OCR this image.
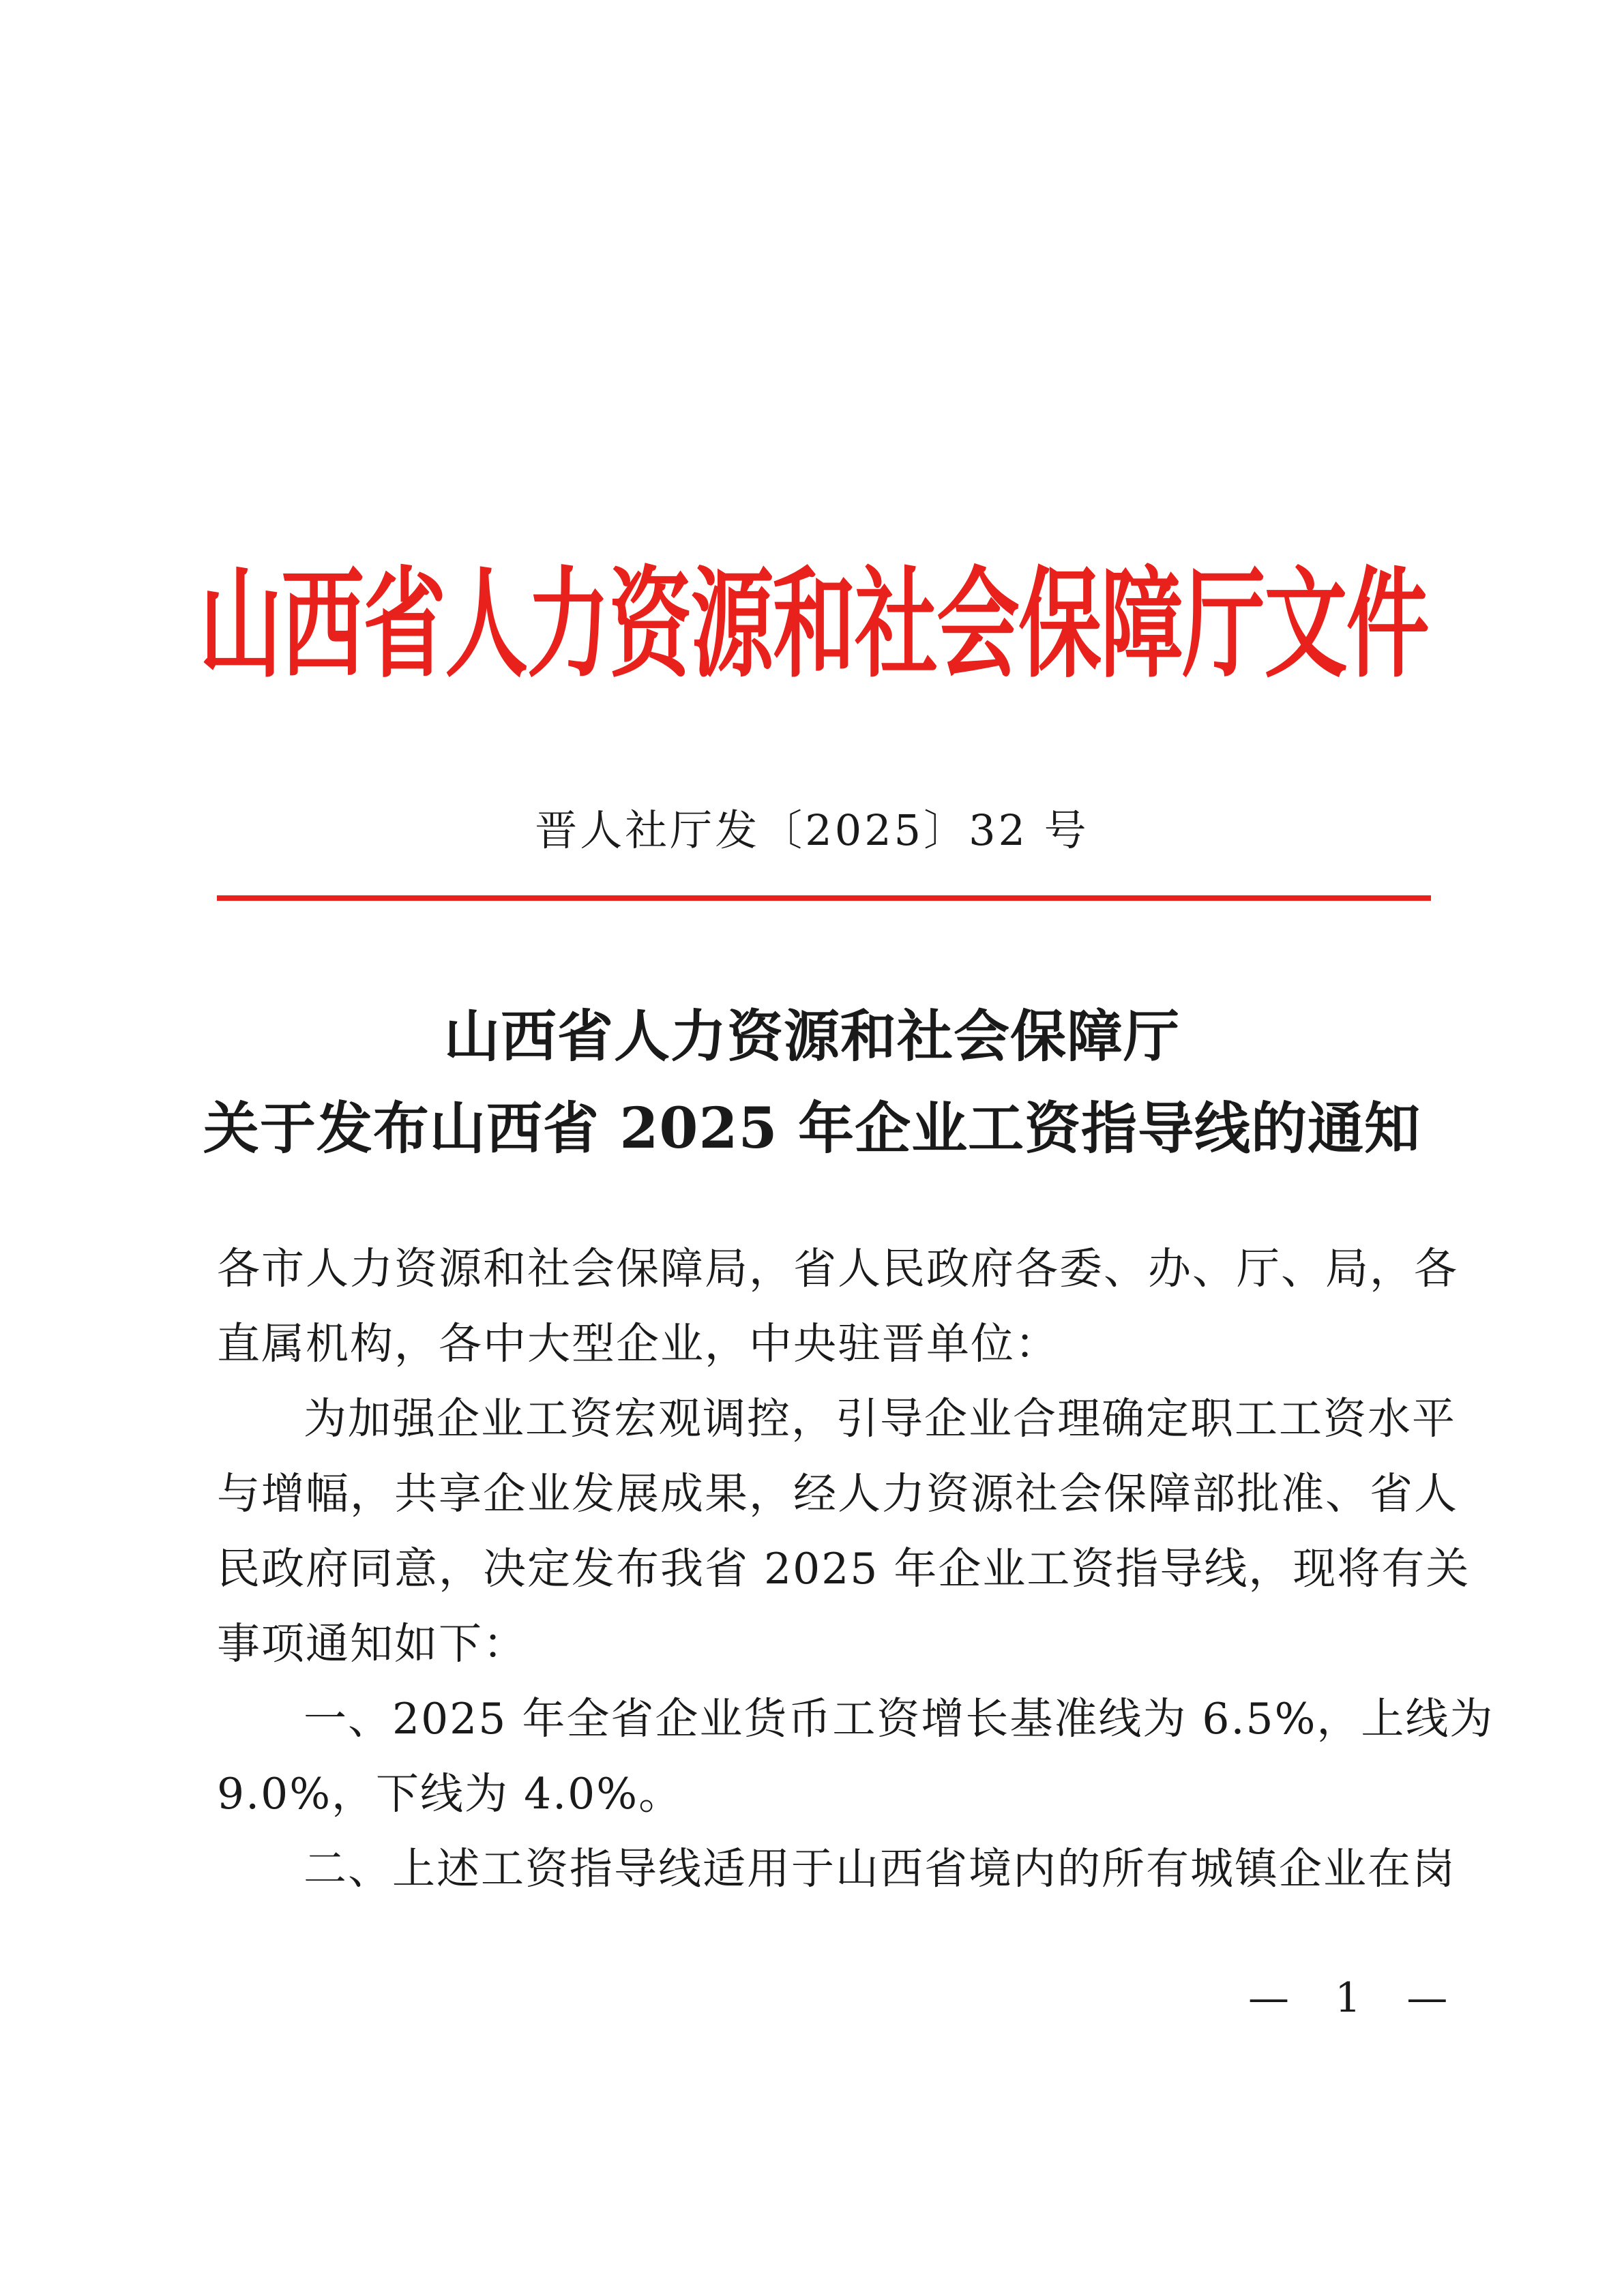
山西省人力资源和社会保障厅文件
晋人社厅发〔2025〕32 号
山西省人力资源和社会保障厅
关于发布山西省 2025 年企业工资指导线的通知
各市人力资源和社会保障局，省人民政府各委、办、厅、局，各
直属机构，各中大型企业，中央驻晋单位：
为加强企业工资宏观调控，引导企业合理确定职工工资水平
与增幅，共享企业发展成果，经人力资源社会保障部批准、省人
民政府同意，决定发布我省 2025 年企业工资指导线，现将有关
事项通知如下：
一、2025 年全省企业货币工资增长基准线为 6.5%，上线为
9.0%，下线为 4.0%。
二、上述工资指导线适用于山西省境内的所有城镇企业在岗
— 1 —
